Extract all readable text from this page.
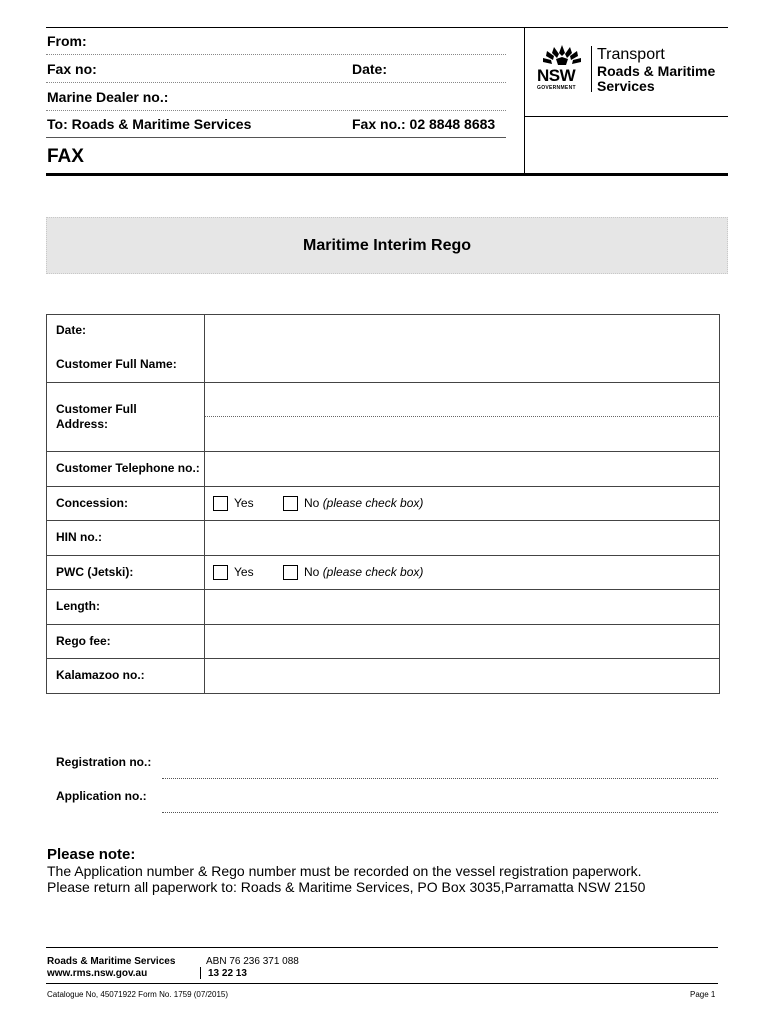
From:
Fax no:	Date:
Marine Dealer no.:
To: Roads & Maritime Services	Fax no.: 02 8848 8683
FAX
NSW
GOVERNMENT
Transport
Roads & Maritime
Services
Maritime Interim Rego
Date:
Customer Full Name:
Customer Full
Address:
Customer Telephone no.:
Concession:	Yes	No (please check box)
HIN no.:
PWC (Jetski):	Yes	No (please check box)
Length:
Rego fee:
Kalamazoo no.:
Registration no.:
Application no.:
Please note:
The Application number & Rego number must be recorded on the vessel registration paperwork.
Please return all paperwork to: Roads & Maritime Services, PO Box 3035,Parramatta NSW 2150
Roads & Maritime Services	ABN 76 236 371 088
www.rms.nsw.gov.au	13 22 13
Catalogue No, 45071922 Form No. 1759 (07/2015)	Page 1
